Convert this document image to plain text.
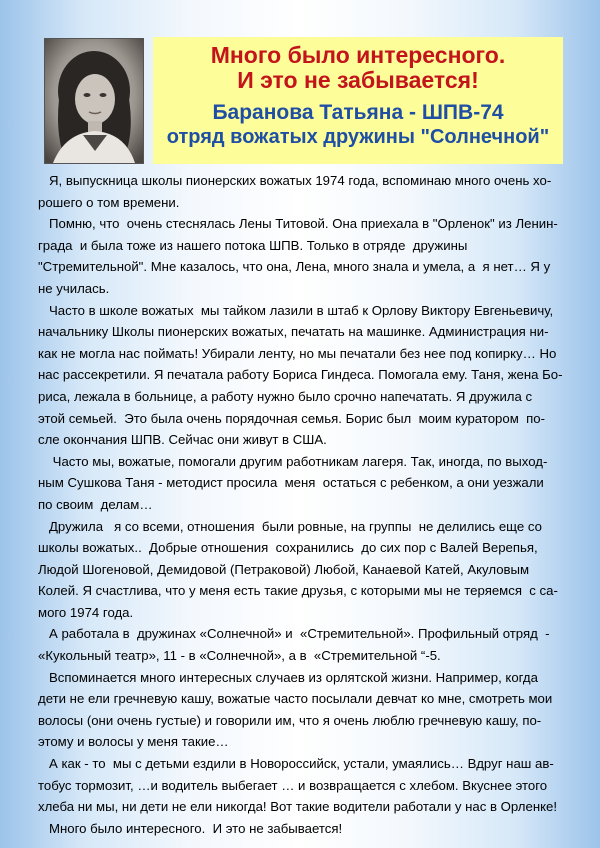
Много было интересного.

И это не забывается!

Баранова Татьяна - ШПВ-74

отряд вожатых дружины "Солнечной"

Я, выпускница школы пионерских вожатых 1974 года, вспоминаю много очень хо-
рошего о том времени.

Помню, что  очень стеснялась Лены Титовой. Она приехала в "Орленок" из Ленин-
града  и была тоже из нашего потока ШПВ. Только в отряде  дружины
"Стремительной". Мне казалось, что она, Лена, много знала и умела, а  я нет… Я у
не училась.

Часто в школе вожатых  мы тайком лазили в штаб к Орлову Виктору Евгеньевичу,
начальнику Школы пионерских вожатых, печатать на машинке. Администрация ни-
как не могла нас поймать! Убирали ленту, но мы печатали без нее под копирку… Но
нас рассекретили. Я печатала работу Бориса Гиндеса. Помогала ему. Таня, жена Бо-
риса, лежала в больнице, а работу нужно было срочно напечатать. Я дружила с
этой семьей.  Это была очень порядочная семья. Борис был  моим куратором  по-
сле окончания ШПВ. Сейчас они живут в США.

Часто мы, вожатые, помогали другим работникам лагеря. Так, иногда, по выход-
ным Сушкова Таня - методист просила  меня  остаться с ребенком, а они уезжали
по своим  делам…

Дружила   я со всеми, отношения  были ровные, на группы  не делились еще со
школы вожатых..  Добрые отношения  сохранились  до сих пор с Валей Верепья,
Людой Шогеновой, Демидовой (Петраковой) Любой, Канаевой Катей, Акуловым
Колей. Я счастлива, что у меня есть такие друзья, с которыми мы не теряемся  с са-
мого 1974 года.

А работала в  дружинах «Солнечной» и  «Стремительной». Профильный отряд  -
«Кукольный театр», 11 - в «Солнечной», а в  «Стремительной “-5.

Вспоминается много интересных случаев из орлятской жизни. Например, когда
дети не ели гречневую кашу, вожатые часто посылали девчат ко мне, смотреть мои
волосы (они очень густые) и говорили им, что я очень люблю гречневую кашу, по-
этому и волосы у меня такие…

А как - то  мы с детьми ездили в Новороссийск, устали, умаялись… Вдруг наш ав-
тобус тормозит, …и водитель выбегает … и возвращается с хлебом. Вкуснее этого
хлеба ни мы, ни дети не ели никогда! Вот такие водители работали у нас в Орленке!

Много было интересного.  И это не забывается!
